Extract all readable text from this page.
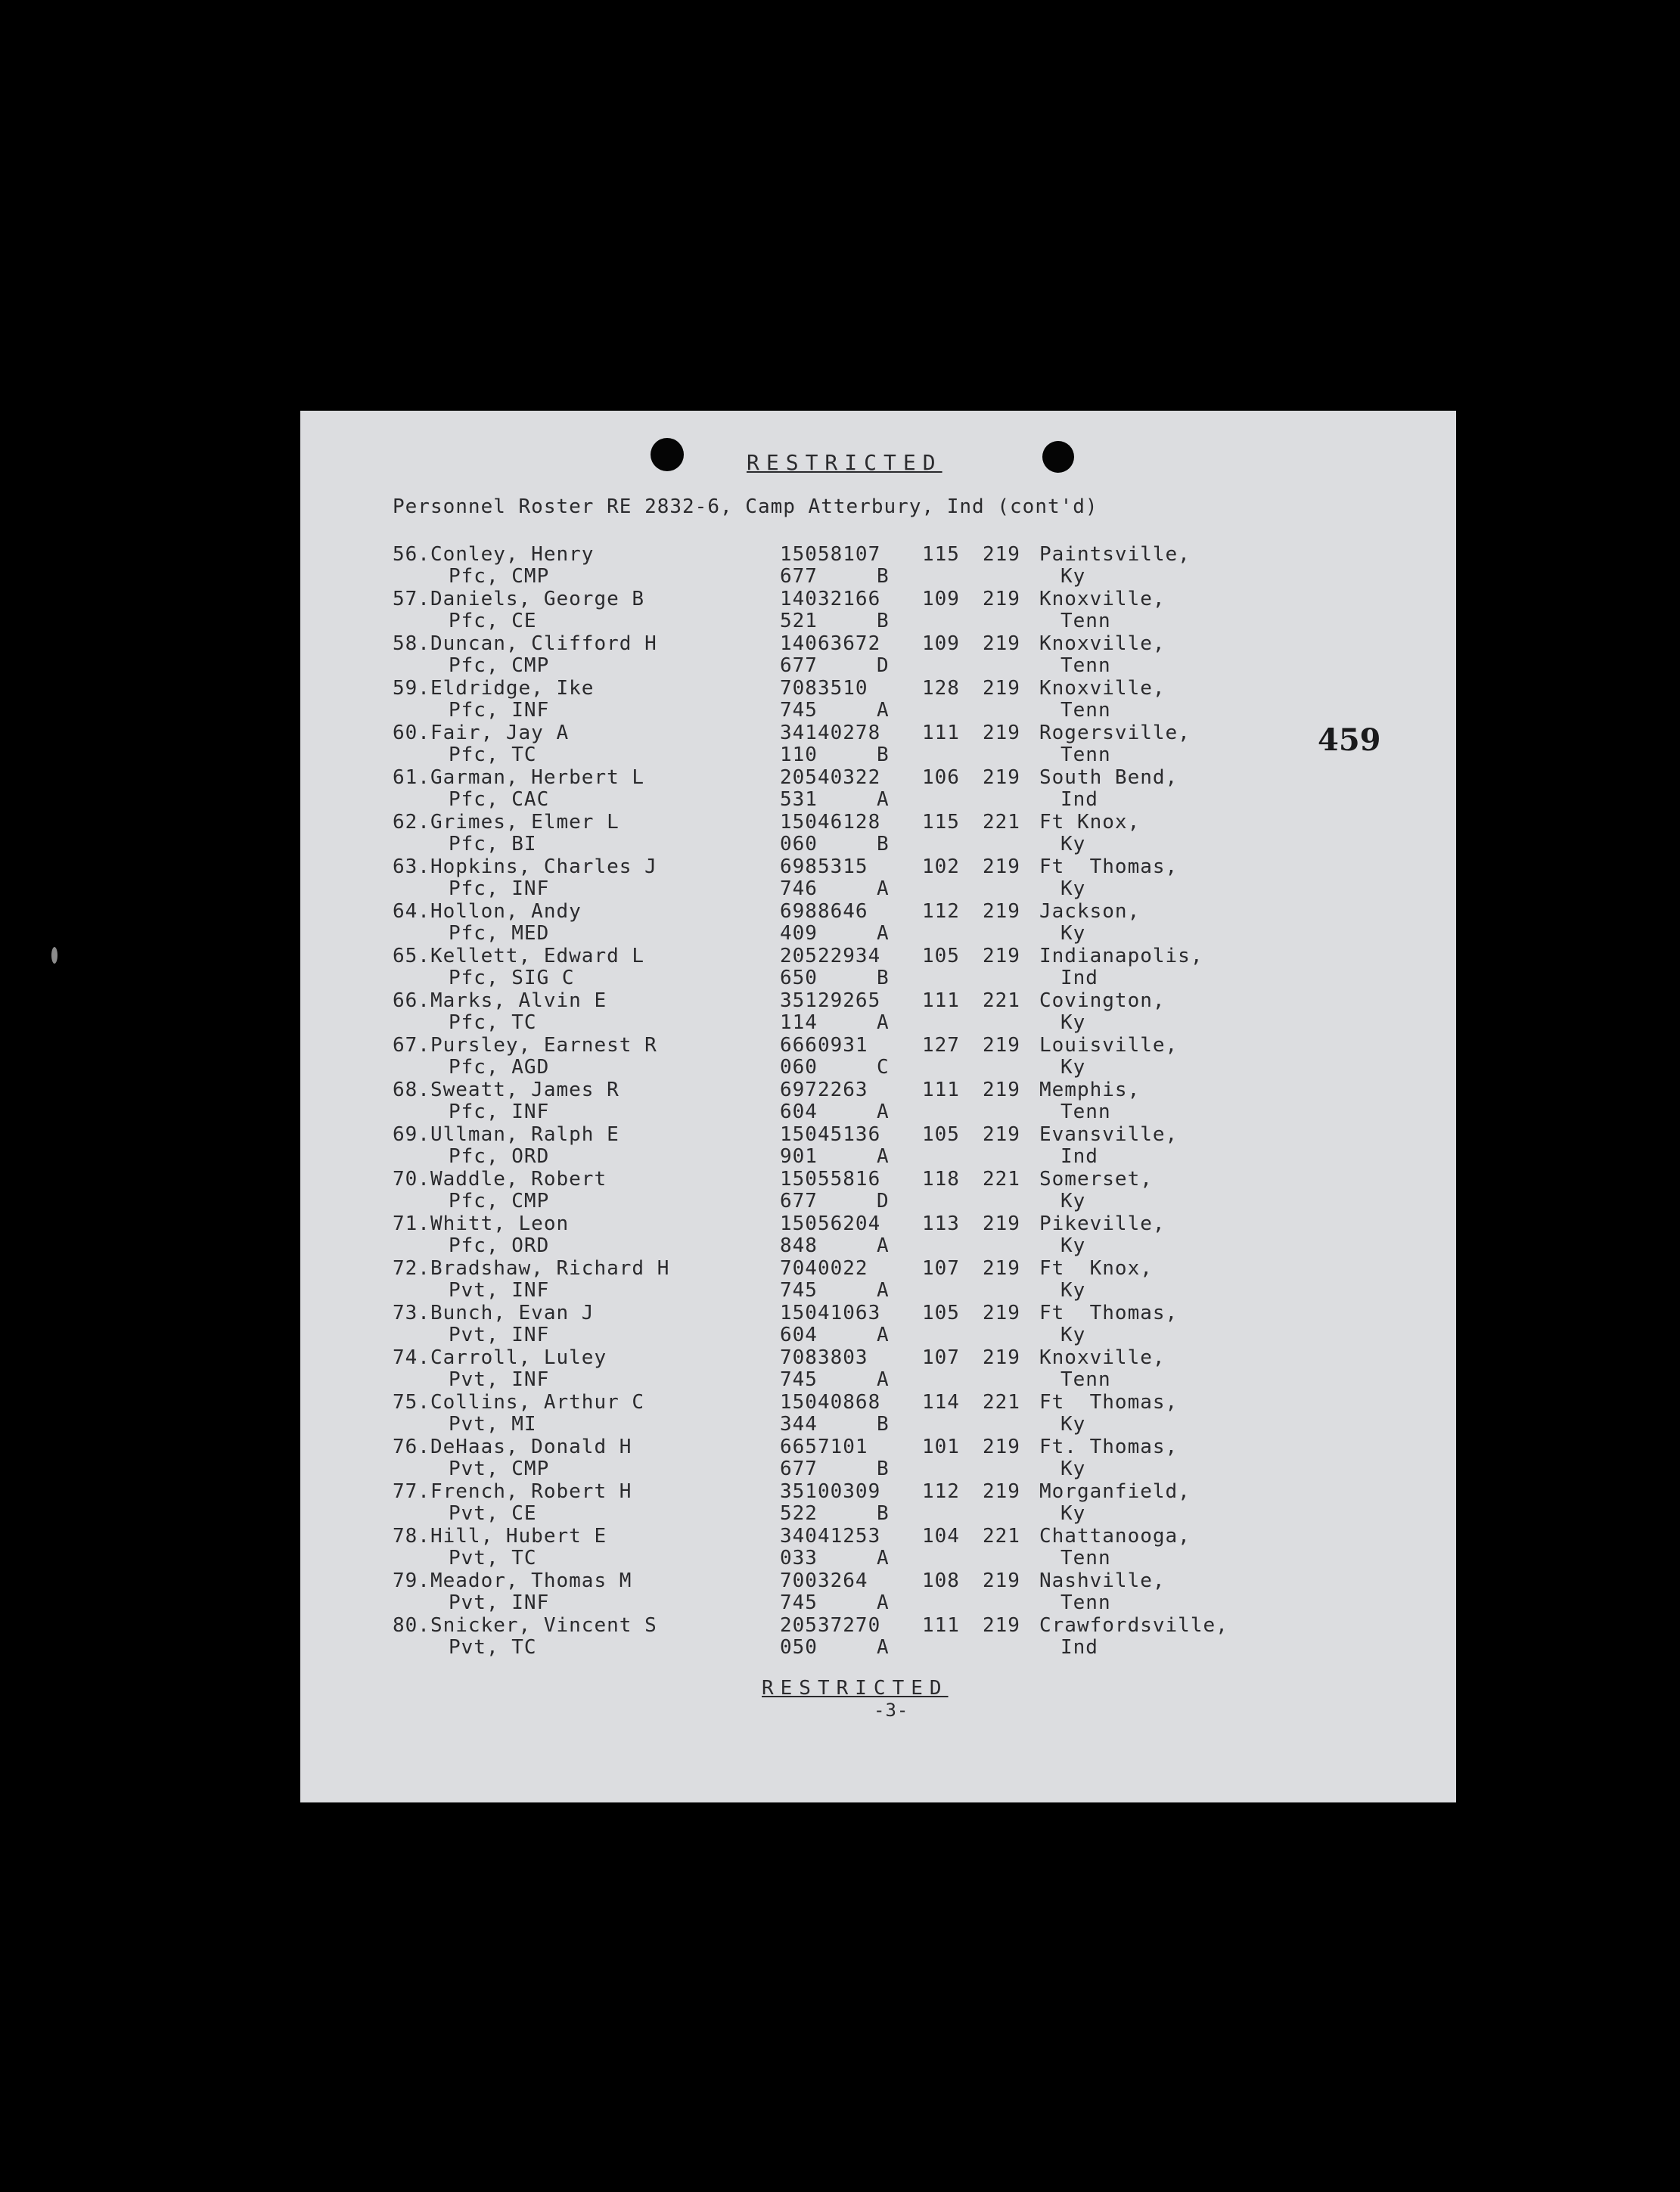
RESTRICTED
Personnel Roster RE 2832-6, Camp Atterbury, Ind (cont'd)
459
56.Conley, Henry	15058107 115 219 Paintsville,
Pfc, CMP	677	B	Ky
57.Daniels, George B	14032166 109 219 Knoxville,
Pfc, CE	521	B	Tenn
58.Duncan, Clifford H	14063672 109 219 Knoxville,
Pfc, CMP	677	D	Tenn
59.Eldridge, Ike	7083510	128 219 Knoxville,
Pfc, INF	745	A	Tenn
60.Fair, Jay A	34140278 111 219 Rogersville,
Pfc, TC	110	B	Tenn
61.Garman, Herbert L	20540322 106 219 South Bend,
Pfc, CAC	531	A	Ind
62.Grimes, Elmer L	15046128 115 221 Ft Knox,
Pfc, BI	060	B	Ky
63.Hopkins, Charles J	6985315	102 219 Ft  Thomas,
Pfc, INF	746	A	Ky
64.Hollon, Andy	6988646	112 219 Jackson,
Pfc, MED	409	A	Ky
65.Kellett, Edward L	20522934 105 219 Indianapolis,
Pfc, SIG C	650	B	Ind
66.Marks, Alvin E	35129265 111 221 Covington,
Pfc, TC	114	A	Ky
67.Pursley, Earnest R	6660931	127 219 Louisville,
Pfc, AGD	060	C	Ky
68.Sweatt, James R	6972263	111 219 Memphis,
Pfc, INF	604	A	Tenn
69.Ullman, Ralph E	15045136 105 219 Evansville,
Pfc, ORD	901	A	Ind
70.Waddle, Robert	15055816 118 221 Somerset,
Pfc, CMP	677	D	Ky
71.Whitt, Leon	15056204 113 219 Pikeville,
Pfc, ORD	848	A	Ky
72.Bradshaw, Richard H	7040022	107 219 Ft  Knox,
Pvt, INF	745	A	Ky
73.Bunch, Evan J	15041063 105 219 Ft  Thomas,
Pvt, INF	604	A	Ky
74.Carroll, Luley	7083803	107 219 Knoxville,
Pvt, INF	745	A	Tenn
75.Collins, Arthur C	15040868 114 221 Ft  Thomas,
Pvt, MI	344	B	Ky
76.DeHaas, Donald H	6657101	101 219 Ft. Thomas,
Pvt, CMP	677	B	Ky
77.French, Robert H	35100309 112 219 Morganfield,
Pvt, CE	522	B	Ky
78.Hill, Hubert E	34041253 104 221 Chattanooga,
Pvt, TC	033	A	Tenn
79.Meador, Thomas M	7003264	108 219 Nashville,
Pvt, INF	745	A	Tenn
80.Snicker, Vincent S	20537270 111 219 Crawfordsville,
Pvt, TC	050	A	Ind
RESTRICTED
-3-
